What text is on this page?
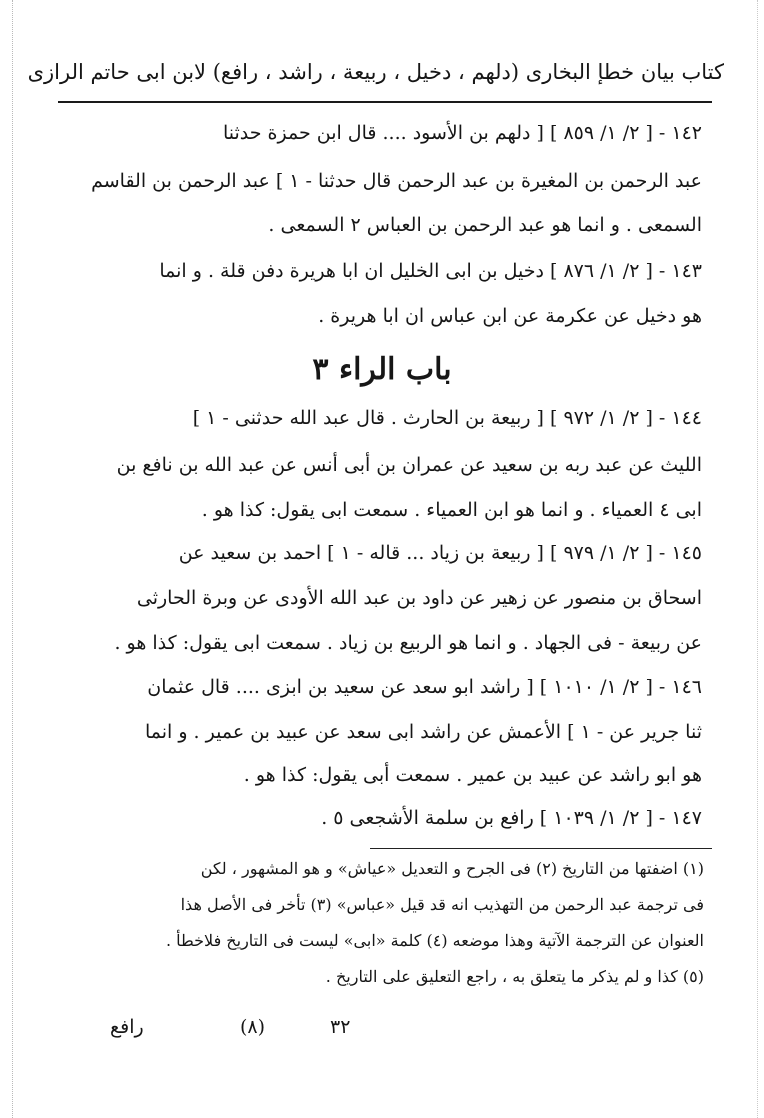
كتاب بيان خطإ البخارى (دلهم ، دخيل ، ربيعة ، راشد ، رافع) لابن ابى حاتم الرازى
١٤٢ - [ ٢/ ١/ ٨٥٩ ] [ دلهم بن الأسود .... قال ابن حمزة حدثنا
عبد الرحمن بن المغيرة بن عبد الرحمن قال حدثنا - ١ ] عبد الرحمن بن القاسم
السمعى . و انما هو عبد الرحمن بن العباس ٢ السمعى .
١٤٣ - [ ٢/ ١/ ٨٧٦ ] دخيل بن ابى الخليل ان ابا هريرة دفن قلة . و انما
هو دخيل عن عكرمة عن ابن عباس ان ابا هريرة .
باب الراء ٣
١٤٤ - [ ٢/ ١/ ٩٧٢ ] [ ربيعة بن الحارث . قال عبد الله حدثنى - ١ ]
الليث عن عبد ربه بن سعيد عن عمران بن أبى أنس عن عبد الله بن نافع بن
ابى ٤ العمياء . و انما هو ابن العمياء . سمعت ابى يقول: كذا هو .
١٤٥ - [ ٢/ ١/ ٩٧٩ ] [ ربيعة بن زياد ... قاله - ١ ] احمد بن سعيد عن
اسحاق بن منصور عن زهير عن داود بن عبد الله الأودى عن وبرة الحارثى
عن ربيعة - فى الجهاد . و انما هو الربيع بن زياد . سمعت ابى يقول: كذا هو .
١٤٦ - [ ٢/ ١/ ١٠١٠ ] [ راشد ابو سعد عن سعيد بن ابزى .... قال عثمان
ثنا جرير عن - ١ ] الأعمش عن راشد ابى سعد عن عبيد بن عمير . و انما
هو ابو راشد عن عبيد بن عمير . سمعت أبى يقول: كذا هو .
١٤٧ - [ ٢/ ١/ ١٠٣٩ ] رافع بن سلمة الأشجعى ٥ .
(١) اضفتها من التاريخ (٢) فى الجرح و التعديل «عياش» و هو المشهور ، لكن
فى ترجمة عبد الرحمن من التهذيب انه قد قيل «عباس» (٣) تأخر فى الأصل هذا
العنوان عن الترجمة الآتية وهذا موضعه (٤) كلمة «ابى» ليست فى التاريخ فلاخطأ .
(٥) كذا و لم يذكر ما يتعلق به ، راجع التعليق على التاريخ .
٣٢
(٨)
رافع
